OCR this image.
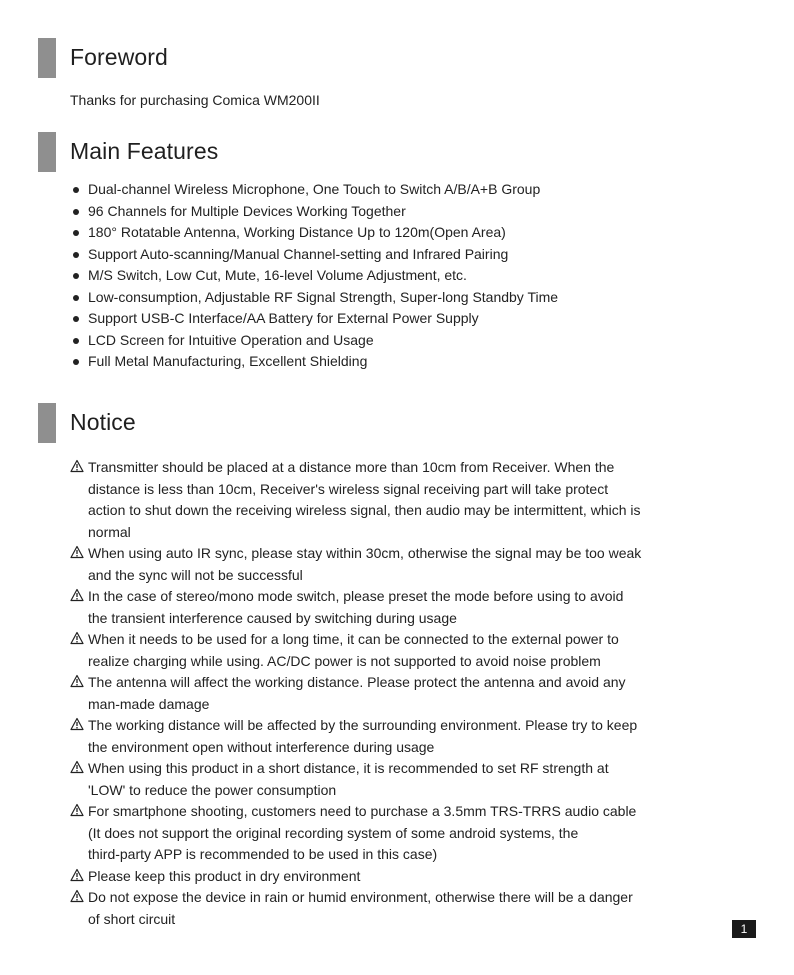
Foreword

Thanks for purchasing Comica WM200II

Main Features
Dual-channel Wireless Microphone, One Touch to Switch A/B/A+B Group
96 Channels for Multiple Devices Working Together
180° Rotatable Antenna, Working Distance Up to 120m(Open Area)
Support Auto-scanning/Manual Channel-setting and Infrared Pairing
M/S Switch, Low Cut, Mute, 16-level Volume Adjustment, etc.
Low-consumption, Adjustable RF Signal Strength, Super-long Standby Time
Support USB-C Interface/AA Battery for External Power Supply
LCD Screen for Intuitive Operation and Usage
Full Metal Manufacturing, Excellent Shielding
Notice
Transmitter should be placed at a distance more than 10cm from Receiver. When the
distance is less than 10cm, Receiver's wireless signal receiving part will take protect
action to shut down the receiving wireless signal, then audio may be intermittent, which is
normal
When using auto IR sync, please stay within 30cm, otherwise the signal may be too weak
and the sync will not be successful
In the case of stereo/mono mode switch, please preset the mode before using to avoid
the transient interference caused by switching during usage
When it needs to be used for a long time, it can be connected to the external power to
realize charging while using. AC/DC power is not supported to avoid noise problem
The antenna will affect the working distance. Please protect the antenna and avoid any
man-made damage
The working distance will be affected by the surrounding environment. Please try to keep
the environment open without interference during usage
When using this product in a short distance, it is recommended to set RF strength at
'LOW' to reduce the power consumption
For smartphone shooting, customers need to purchase a 3.5mm TRS-TRRS audio cable
(It does not support the original recording system of some android systems, the
third-party APP is recommended to be used in this case)
Please keep this product in dry environment
Do not expose the device in rain or humid environment, otherwise there will be a danger
of short circuit
1
